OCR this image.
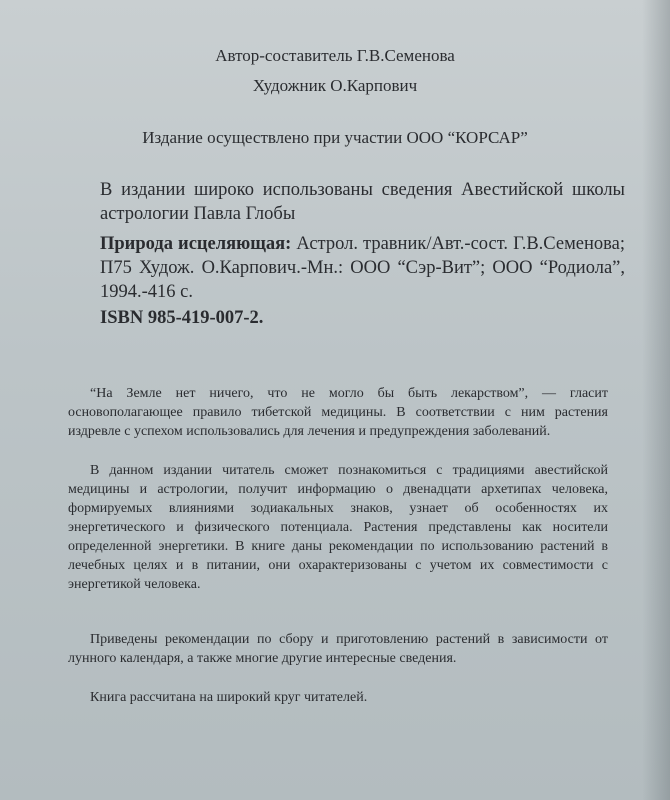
Автор-составитель Г.В.Семенова
Художник О.Карпович
Издание осуществлено при участии ООО “КОРСАР”
В издании широко использованы сведения Авестийской школы астрологии Павла Глобы
Природа исцеляющая: Астрол. травник/Авт.-сост. Г.В.Семенова; П75 Худож. О.Карпович.-Мн.: ООО “Сэр-Вит”; ООО “Родиола”, 1994.-416 с.
ISBN 985-419-007-2.
“На Земле нет ничего, что не могло бы быть лекарством”, — гласит основополагающее правило тибетской медицины. В соответствии с ним растения издревле с успехом использовались для лечения и предупреждения заболеваний.
В данном издании читатель сможет познакомиться с традициями авестийской медицины и астрологии, получит информацию о двенадцати архетипах человека, формируемых влияниями зодиакальных знаков, узнает об особенностях их энергетического и физического потенциала. Растения представлены как носители определенной энергетики. В книге даны рекомендации по использованию растений в лечебных целях и в питании, они охарактеризованы с учетом их совместимости с энергетикой человека.
Приведены рекомендации по сбору и приготовлению растений в зависимости от лунного календаря, а также многие другие интересные сведения.
Книга рассчитана на широкий круг читателей.
